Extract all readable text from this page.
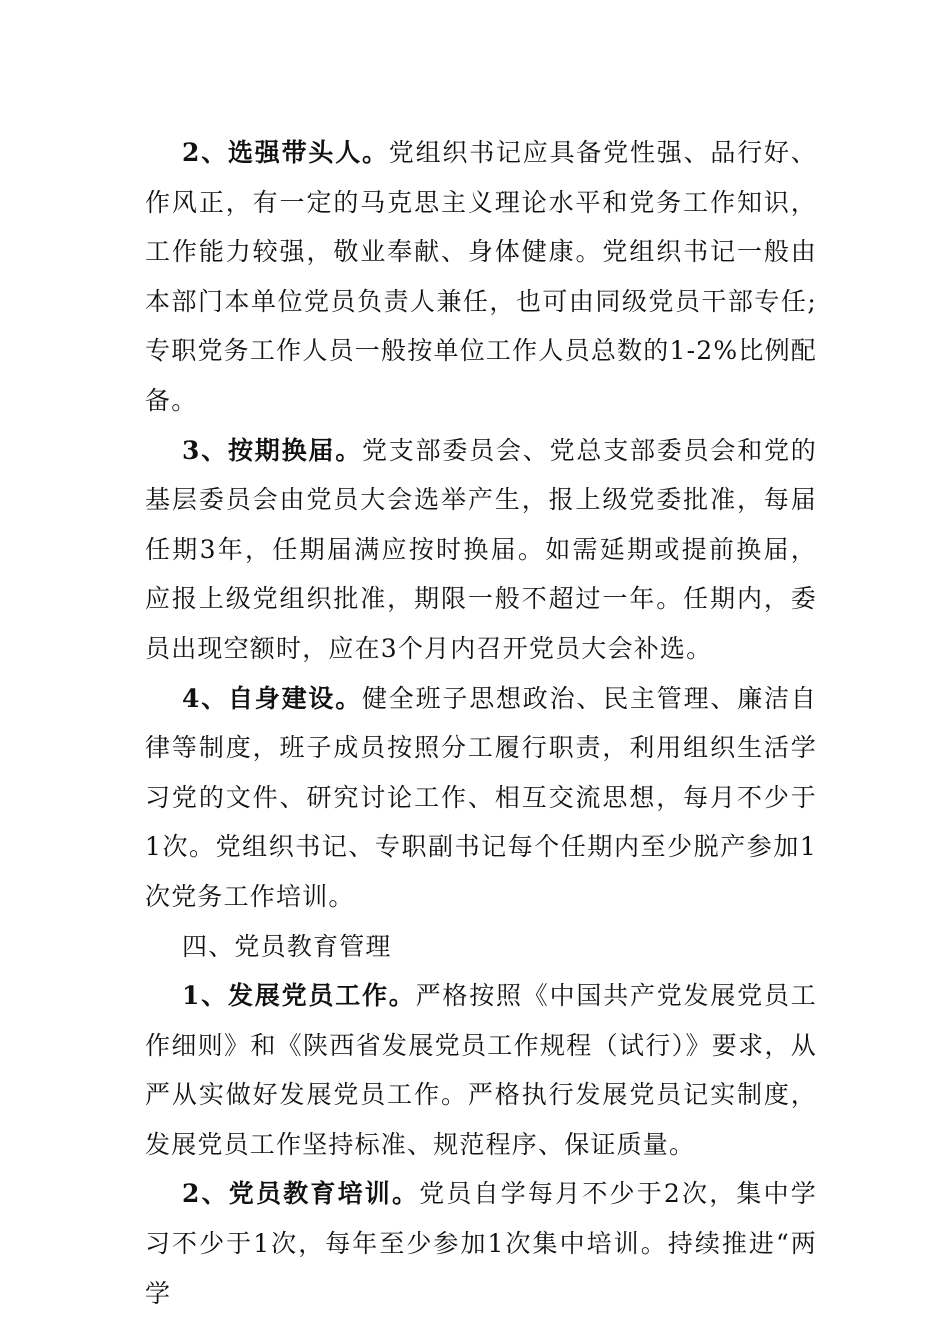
2、选强带头人。党组织书记应具备党性强、品行好、作风正，有一定的马克思主义理论水平和党务工作知识，工作能力较强，敬业奉献、身体健康。党组织书记一般由本部门本单位党员负责人兼任，也可由同级党员干部专任;专职党务工作人员一般按单位工作人员总数的1-2%比例配备。

3、按期换届。党支部委员会、党总支部委员会和党的基层委员会由党员大会选举产生，报上级党委批准，每届任期3年，任期届满应按时换届。如需延期或提前换届，应报上级党组织批准，期限一般不超过一年。任期内，委员出现空额时，应在3个月内召开党员大会补选。

4、自身建设。健全班子思想政治、民主管理、廉洁自律等制度，班子成员按照分工履行职责，利用组织生活学习党的文件、研究讨论工作、相互交流思想，每月不少于1次。党组织书记、专职副书记每个任期内至少脱产参加1次党务工作培训。

四、党员教育管理

1、发展党员工作。严格按照《中国共产党发展党员工作细则》和《陕西省发展党员工作规程（试行）》要求，从严从实做好发展党员工作。严格执行发展党员记实制度，发展党员工作坚持标准、规范程序、保证质量。

2、党员教育培训。党员自学每月不少于2次，集中学习不少于1次，每年至少参加1次集中培训。持续推进“两学
